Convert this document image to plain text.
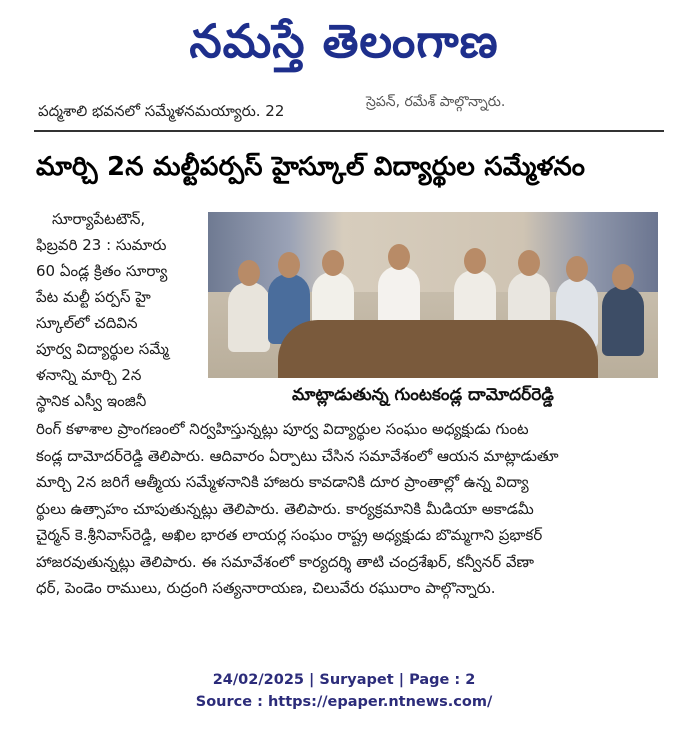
నమస్తే తెలంగాణ
పద్మశాలి భవనలో సమ్మేళనమయ్యారు. 22	స్రెపన్, రమేశ్ పాల్గొన్నారు.
మార్చి 2న మల్టీపర్పస్ హైస్కూల్ విద్యార్థుల సమ్మేళనం
సూర్యాపేటటౌన్,
ఫిబ్రవరి 23 : సుమారు
60 ఏండ్ల క్రితం సూర్యా
పేట మల్టీ పర్పస్ హై
స్కూల్‌లో చదివిన
పూర్వ విద్యార్థుల సమ్మే
ళనాన్ని మార్చి 2న
స్థానిక ఎస్వీ ఇంజినీ	మాట్లాడుతున్న గుంటకండ్ల దామోదర్‌రెడ్డి
రింగ్ కళాశాల ప్రాంగణంలో నిర్వహిస్తున్నట్లు పూర్వ విద్యార్థుల సంఘం అధ్యక్షుడు గుంట
కండ్ల దామోదర్‌రెడ్డి తెలిపారు. ఆదివారం ఏర్పాటు చేసిన సమావేశంలో ఆయన మాట్లాడుతూ
మార్చి 2న జరిగే ఆత్మీయ సమ్మేళనానికి హాజరు కావడానికి దూర ప్రాంతాల్లో ఉన్న విద్యా
ర్థులు ఉత్సాహం చూపుతున్నట్లు తెలిపారు. తెలిపారు. కార్యక్రమానికి మీడియా అకాడమీ
చైర్మన్ కె.శ్రీనివాస్‌రెడ్డి, అఖిల భారత లాయర్ల సంఘం రాష్ట్ర అధ్యక్షుడు బొమ్మగాని ప్రభాకర్
హాజరవుతున్నట్లు తెలిపారు. ఈ సమావేశంలో కార్యదర్శి తాటి చంద్రశేఖర్, కన్వీనర్ వేణా
ధర్, పెండెం రాములు, రుద్రంగి సత్యనారాయణ, చిలువేరు రఘురాం పాల్గొన్నారు.
24/02/2025 | Suryapet | Page : 2
Source : https://epaper.ntnews.com/
